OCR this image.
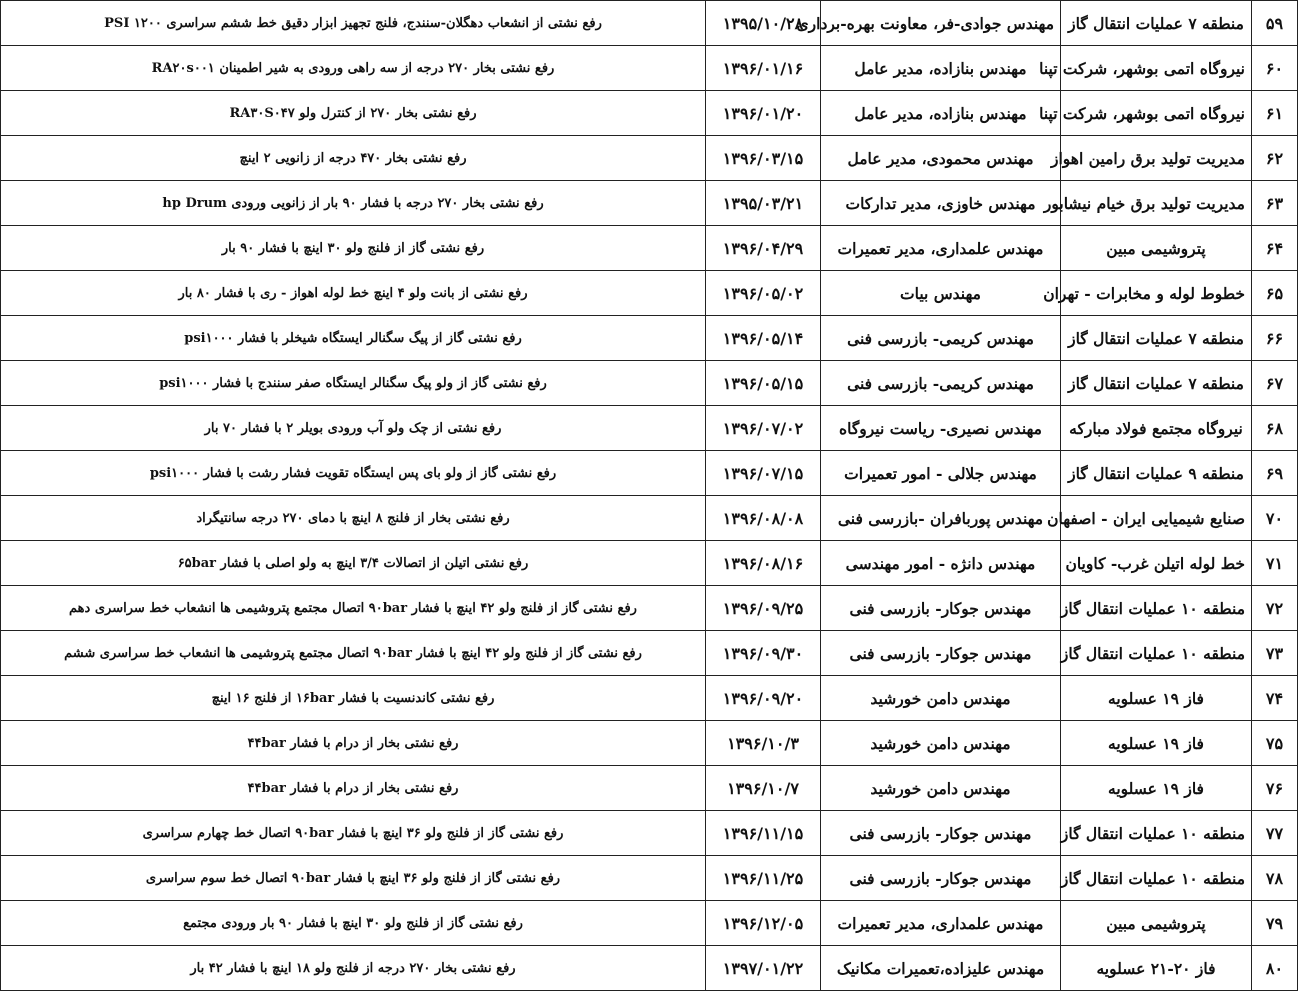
۵۹	منطقه ۷ عملیات انتقال گاز	مهندس جوادی-فر، معاونت بهره-برداری	۱۳۹۵/۱۰/۲۸	رفع نشتی از انشعاب دهگلان-سنندج، فلنج تجهیز ابزار دقیق خط ششم سراسری PSI ۱۲۰۰
۶۰	نیروگاه اتمی بوشهر، شرکت تپنا	مهندس بنازاده، مدیر عامل	۱۳۹۶/۰۱/۱۶	رفع نشتی بخار ۲۷۰ درجه از سه راهی ورودی به شیر اطمینان RA۲۰s۰۰۱
۶۱	نیروگاه اتمی بوشهر، شرکت تپنا	مهندس بنازاده، مدیر عامل	۱۳۹۶/۰۱/۲۰	رفع نشتی بخار ۲۷۰ از کنترل ولو RA۳۰S۰۴۷
۶۲	مدیریت تولید برق رامین اهواز	مهندس محمودی، مدیر عامل	۱۳۹۶/۰۳/۱۵	رفع نشتی بخار ۴۷۰ درجه از زانویی ۲ اینچ
۶۳	مدیریت تولید برق خیام نیشابور	مهندس خاوزی، مدیر تدارکات	۱۳۹۵/۰۳/۲۱	رفع نشتی بخار ۲۷۰ درجه با فشار ۹۰ بار از زانویی ورودی hp Drum
۶۴	پتروشیمی مبین	مهندس علمداری، مدیر تعمیرات	۱۳۹۶/۰۴/۲۹	رفع نشتی گاز از فلنج ولو ۳۰ اینچ با فشار ۹۰ بار
۶۵	خطوط لوله و مخابرات - تهران	مهندس بیات	۱۳۹۶/۰۵/۰۲	رفع نشتی از بانت ولو ۴ اینچ خط لوله اهواز - ری با فشار ۸۰ بار
۶۶	منطقه ۷ عملیات انتقال گاز	مهندس کریمی- بازرسی فنی	۱۳۹۶/۰۵/۱۴	رفع نشتی گاز از پیگ سگنالر ایستگاه شیخلر با فشار psi۱۰۰۰
۶۷	منطقه ۷ عملیات انتقال گاز	مهندس کریمی- بازرسی فنی	۱۳۹۶/۰۵/۱۵	رفع نشتی گاز از ولو پیگ سگنالر ایستگاه صفر سنندج با فشار psi۱۰۰۰
۶۸	نیروگاه مجتمع فولاد مبارکه	مهندس نصیری- ریاست نیروگاه	۱۳۹۶/۰۷/۰۲	رفع نشتی از چک ولو آب ورودی بویلر ۲ با فشار ۷۰ بار
۶۹	منطقه ۹ عملیات انتقال گاز	مهندس جلالی - امور تعمیرات	۱۳۹۶/۰۷/۱۵	رفع نشتی گاز از ولو بای پس ایستگاه تقویت فشار رشت با فشار psi۱۰۰۰
۷۰	صنایع شیمیایی ایران - اصفهان	مهندس پوربافران -بازرسی فنی	۱۳۹۶/۰۸/۰۸	رفع نشتی بخار از فلنج ۸ اینچ با دمای ۲۷۰ درجه سانتیگراد
۷۱	خط لوله اتیلن غرب- کاویان	مهندس دانژه - امور مهندسی	۱۳۹۶/۰۸/۱۶	رفع نشتی اتیلن از اتصالات ۳/۴ اینچ به ولو اصلی با فشار ۶۵bar
۷۲	منطقه ۱۰ عملیات انتقال گاز	مهندس جوکار- بازرسی فنی	۱۳۹۶/۰۹/۲۵	رفع نشتی گاز از فلنج ولو ۴۲ اینچ با فشار ۹۰bar اتصال مجتمع پتروشیمی ها انشعاب خط سراسری دهم
۷۳	منطقه ۱۰ عملیات انتقال گاز	مهندس جوکار- بازرسی فنی	۱۳۹۶/۰۹/۳۰	رفع نشتی گاز از فلنج ولو ۴۲ اینچ با فشار ۹۰bar اتصال مجتمع پتروشیمی ها انشعاب خط سراسری ششم
۷۴	فاز ۱۹ عسلویه	مهندس دامن خورشید	۱۳۹۶/۰۹/۲۰	رفع نشتی کاندنسیت با فشار ۱۶bar از فلنج ۱۶ اینچ
۷۵	فاز ۱۹ عسلویه	مهندس دامن خورشید	۱۳۹۶/۱۰/۳	رفع نشتی بخار از درام با فشار ۴۴bar
۷۶	فاز ۱۹ عسلویه	مهندس دامن خورشید	۱۳۹۶/۱۰/۷	رفع نشتی بخار از درام با فشار ۴۴bar
۷۷	منطقه ۱۰ عملیات انتقال گاز	مهندس جوکار- بازرسی فنی	۱۳۹۶/۱۱/۱۵	رفع نشتی گاز از فلنج ولو ۳۶ اینچ با فشار ۹۰bar اتصال خط چهارم سراسری
۷۸	منطقه ۱۰ عملیات انتقال گاز	مهندس جوکار- بازرسی فنی	۱۳۹۶/۱۱/۲۵	رفع نشتی گاز از فلنج ولو ۳۶ اینچ با فشار ۹۰bar اتصال خط سوم سراسری
۷۹	پتروشیمی مبین	مهندس علمداری، مدیر تعمیرات	۱۳۹۶/۱۲/۰۵	رفع نشتی گاز از فلنج ولو ۳۰ اینچ با فشار ۹۰ بار ورودی مجتمع
۸۰	فاز ۲۰-۲۱ عسلویه	مهندس علیزاده،تعمیرات مکانیک	۱۳۹۷/۰۱/۲۲	رفع نشتی بخار ۲۷۰ درجه از فلنج ولو ۱۸ اینچ با فشار ۴۲ بار
